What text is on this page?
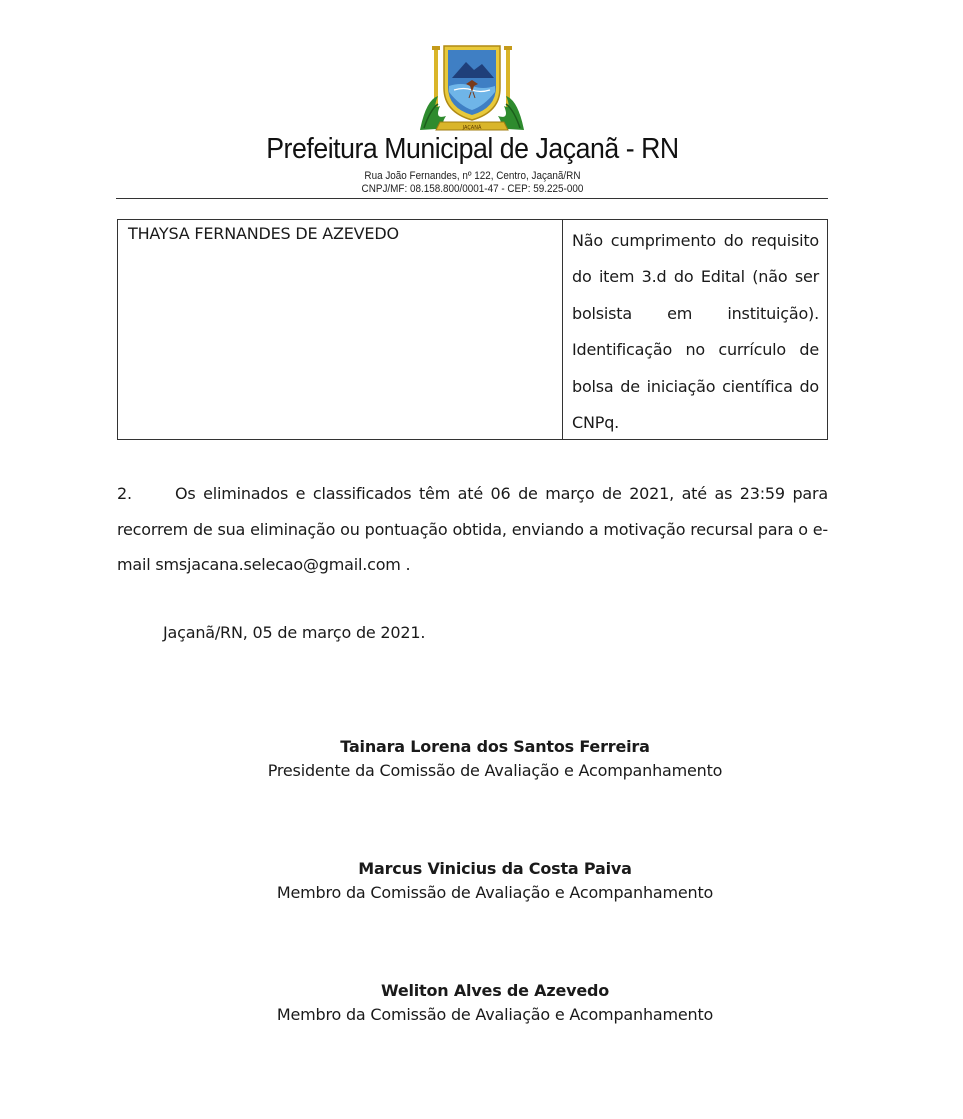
JAÇANÃ
Prefeitura Municipal de Jaçanã - RN
Rua João Fernandes, nº 122, Centro, Jaçanã/RN
CNPJ/MF: 08.158.800/0001-47 - CEP: 59.225-000
THAYSA FERNANDES DE AZEVEDO	Não cumprimento do requisito do item 3.d do Edital (não ser bolsista em instituição). Identificação no currículo de bolsa de iniciação científica do CNPq.
2.	Os eliminados e classificados têm até 06 de março de 2021, até as 23:59 para recorrem de sua eliminação ou pontuação obtida, enviando a motivação recursal para o e-mail smsjacana.selecao@gmail.com .
Jaçanã/RN, 05 de março de 2021.
Tainara Lorena dos Santos Ferreira
Presidente da Comissão de Avaliação e Acompanhamento
Marcus Vinicius da Costa Paiva
Membro da Comissão de Avaliação e Acompanhamento
Weliton Alves de Azevedo
Membro da Comissão de Avaliação e Acompanhamento
